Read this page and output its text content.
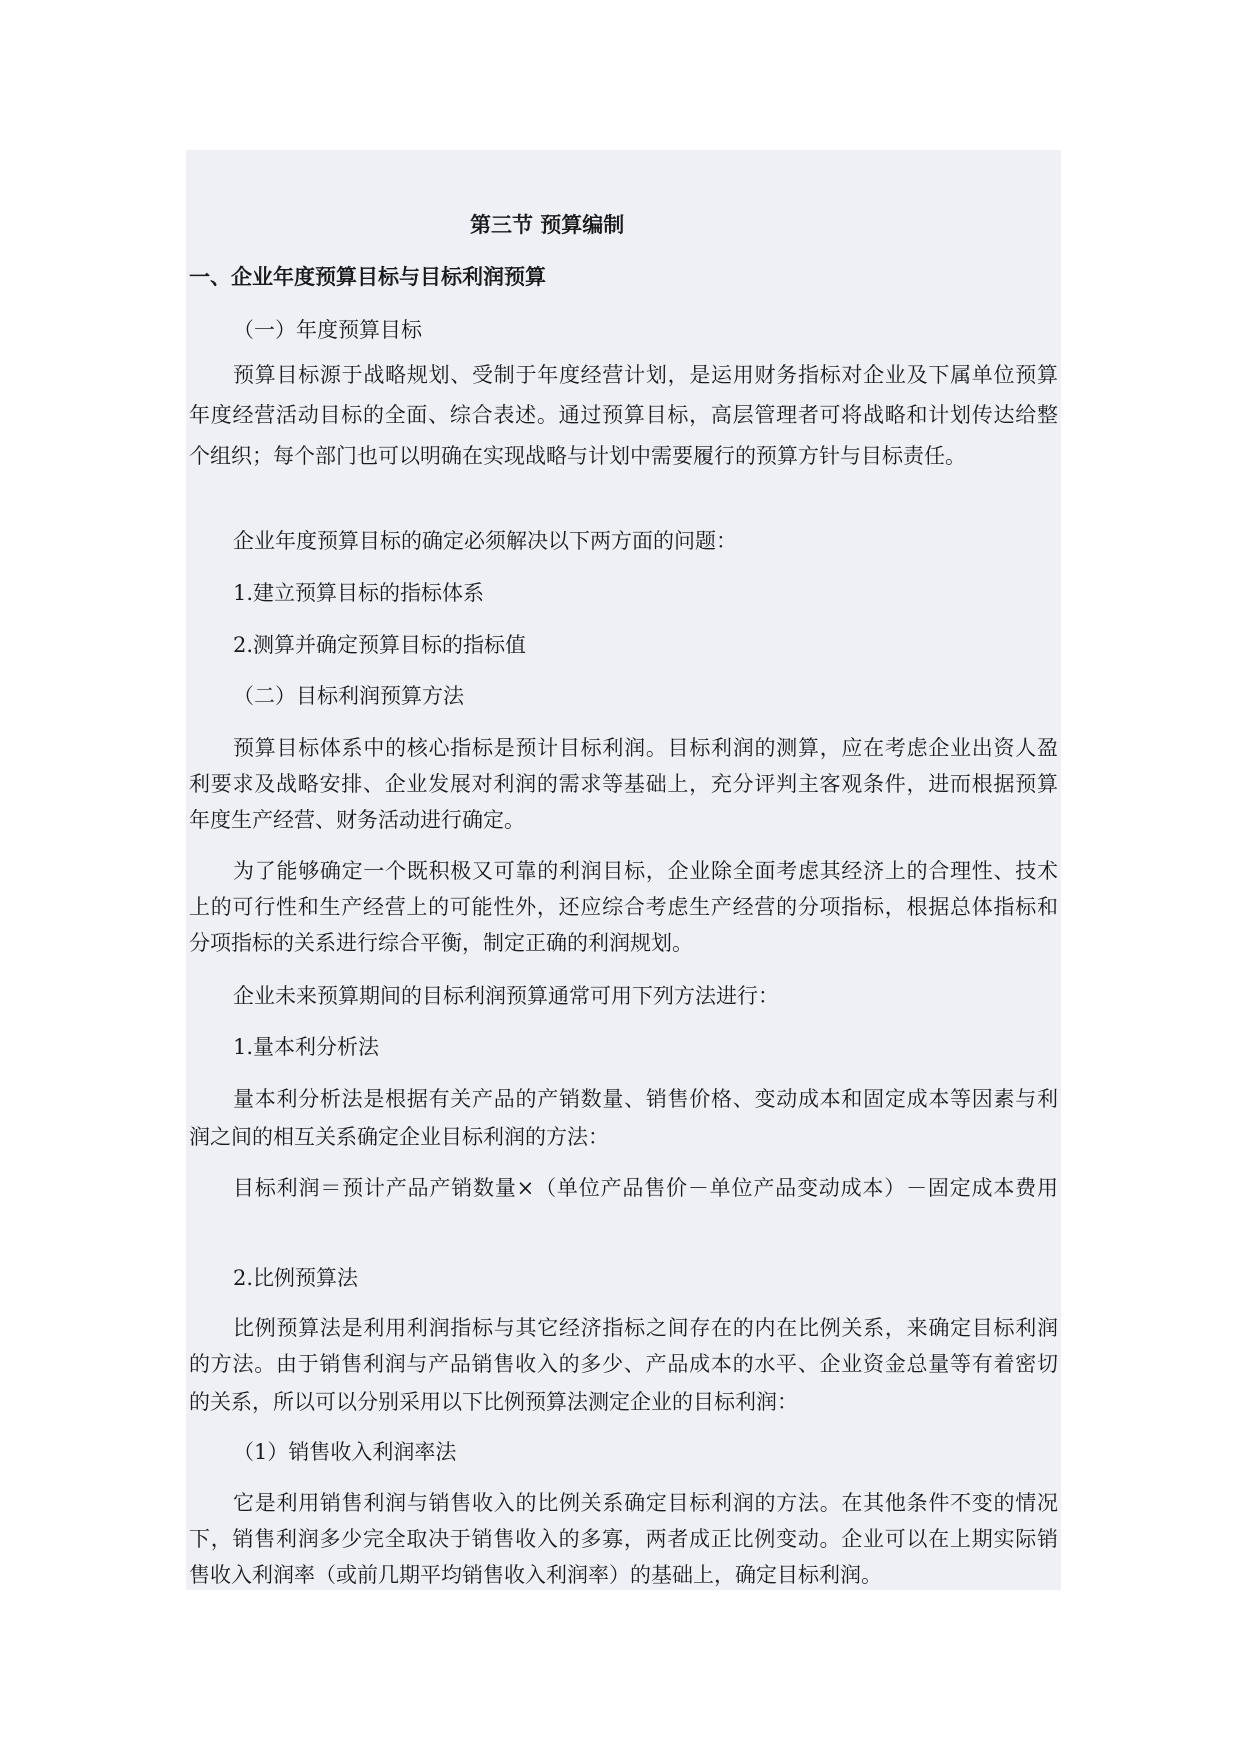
第三节 预算编制
一、企业年度预算目标与目标利润预算
（一）年度预算目标
预算目标源于战略规划、受制于年度经营计划，是运用财务指标对企业及下属单位预算
年度经营活动目标的全面、综合表述。通过预算目标，高层管理者可将战略和计划传达给整
个组织；每个部门也可以明确在实现战略与计划中需要履行的预算方针与目标责任。
企业年度预算目标的确定必须解决以下两方面的问题：
1.建立预算目标的指标体系
2.测算并确定预算目标的指标值
（二）目标利润预算方法
预算目标体系中的核心指标是预计目标利润。目标利润的测算，应在考虑企业出资人盈
利要求及战略安排、企业发展对利润的需求等基础上，充分评判主客观条件，进而根据预算
年度生产经营、财务活动进行确定。
为了能够确定一个既积极又可靠的利润目标，企业除全面考虑其经济上的合理性、技术
上的可行性和生产经营上的可能性外，还应综合考虑生产经营的分项指标，根据总体指标和
分项指标的关系进行综合平衡，制定正确的利润规划。
企业未来预算期间的目标利润预算通常可用下列方法进行：
1.量本利分析法
量本利分析法是根据有关产品的产销数量、销售价格、变动成本和固定成本等因素与利
润之间的相互关系确定企业目标利润的方法：
目标利润＝预计产品产销数量×（单位产品售价－单位产品变动成本）－固定成本费用
2.比例预算法
比例预算法是利用利润指标与其它经济指标之间存在的内在比例关系，来确定目标利润
的方法。由于销售利润与产品销售收入的多少、产品成本的水平、企业资金总量等有着密切
的关系，所以可以分别采用以下比例预算法测定企业的目标利润：
（1）销售收入利润率法
它是利用销售利润与销售收入的比例关系确定目标利润的方法。在其他条件不变的情况
下，销售利润多少完全取决于销售收入的多寡，两者成正比例变动。企业可以在上期实际销
售收入利润率（或前几期平均销售收入利润率）的基础上，确定目标利润。
